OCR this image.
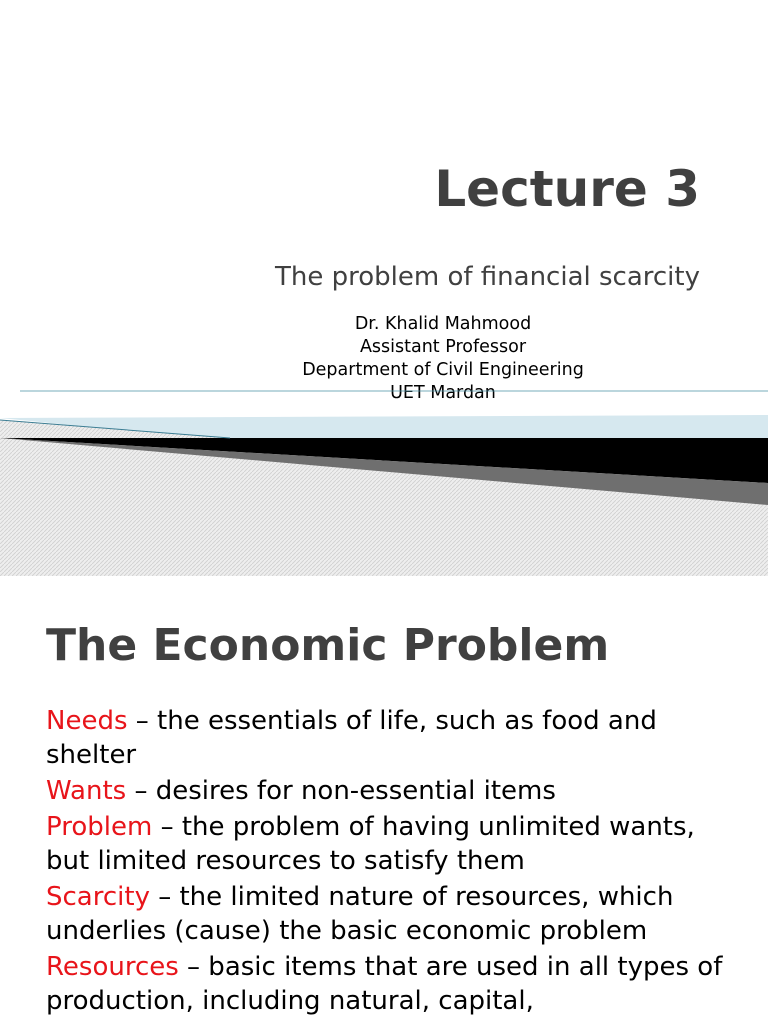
Lecture 3
The problem of financial scarcity
Dr. Khalid Mahmood
Assistant Professor
Department of Civil Engineering
UET Mardan
The Economic Problem
Needs – the essentials of life, such as food and shelter
Wants – desires for non-essential items
Problem – the problem of having unlimited wants, but limited resources to satisfy them
Scarcity – the limited nature of resources, which underlies (cause) the basic economic problem
Resources – basic items that are used in all types of production, including natural, capital,
